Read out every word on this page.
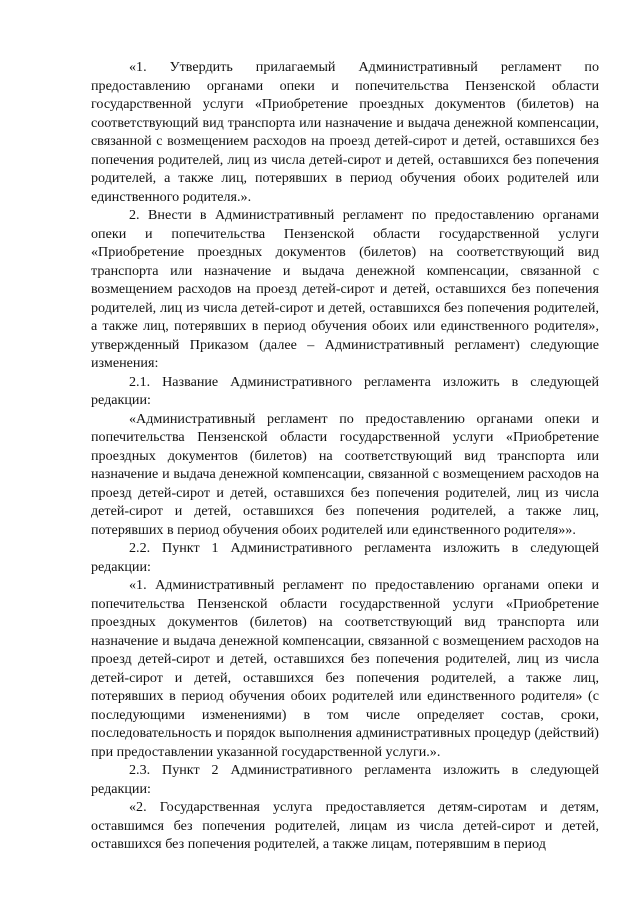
«1. Утвердить прилагаемый Административный регламент по предоставлению органами опеки и попечительства Пензенской области государственной услуги «Приобретение проездных документов (билетов) на соответствующий вид транспорта или назначение и выдача денежной компенсации, связанной с возмещением расходов на проезд детей-сирот и детей, оставшихся без попечения родителей, лиц из числа детей-сирот и детей, оставшихся без попечения родителей, а также лиц, потерявших в период обучения обоих родителей или единственного родителя.».

2. Внести в Административный регламент по предоставлению органами опеки и попечительства Пензенской области государственной услуги «Приобретение проездных документов (билетов) на соответствующий вид транспорта или назначение и выдача денежной компенсации, связанной с возмещением расходов на проезд детей-сирот и детей, оставшихся без попечения родителей, лиц из числа детей-сирот и детей, оставшихся без попечения родителей, а также лиц, потерявших в период обучения обоих или единственного родителя», утвержденный Приказом (далее – Административный регламент) следующие изменения:

2.1. Название Административного регламента изложить в следующей редакции:

«Административный регламент по предоставлению органами опеки и попечительства Пензенской области государственной услуги «Приобретение проездных документов (билетов) на соответствующий вид транспорта или назначение и выдача денежной компенсации, связанной с возмещением расходов на проезд детей-сирот и детей, оставшихся без попечения родителей, лиц из числа детей-сирот и детей, оставшихся без попечения родителей, а также лиц, потерявших в период обучения обоих родителей или единственного родителя»».

2.2. Пункт 1 Административного регламента изложить в следующей редакции:

«1. Административный регламент по предоставлению органами опеки и попечительства Пензенской области государственной услуги «Приобретение проездных документов (билетов) на соответствующий вид транспорта или назначение и выдача денежной компенсации, связанной с возмещением расходов на проезд детей-сирот и детей, оставшихся без попечения родителей, лиц из числа детей-сирот и детей, оставшихся без попечения родителей, а также лиц, потерявших в период обучения обоих родителей или единственного родителя» (с последующими изменениями) в том числе определяет состав, сроки, последовательность и порядок выполнения административных процедур (действий) при предоставлении указанной государственной услуги.».

2.3. Пункт 2 Административного регламента изложить в следующей редакции:

«2. Государственная услуга предоставляется детям-сиротам и детям, оставшимся без попечения родителей, лицам из числа детей-сирот и детей, оставшихся без попечения родителей, а также лицам, потерявшим в период
